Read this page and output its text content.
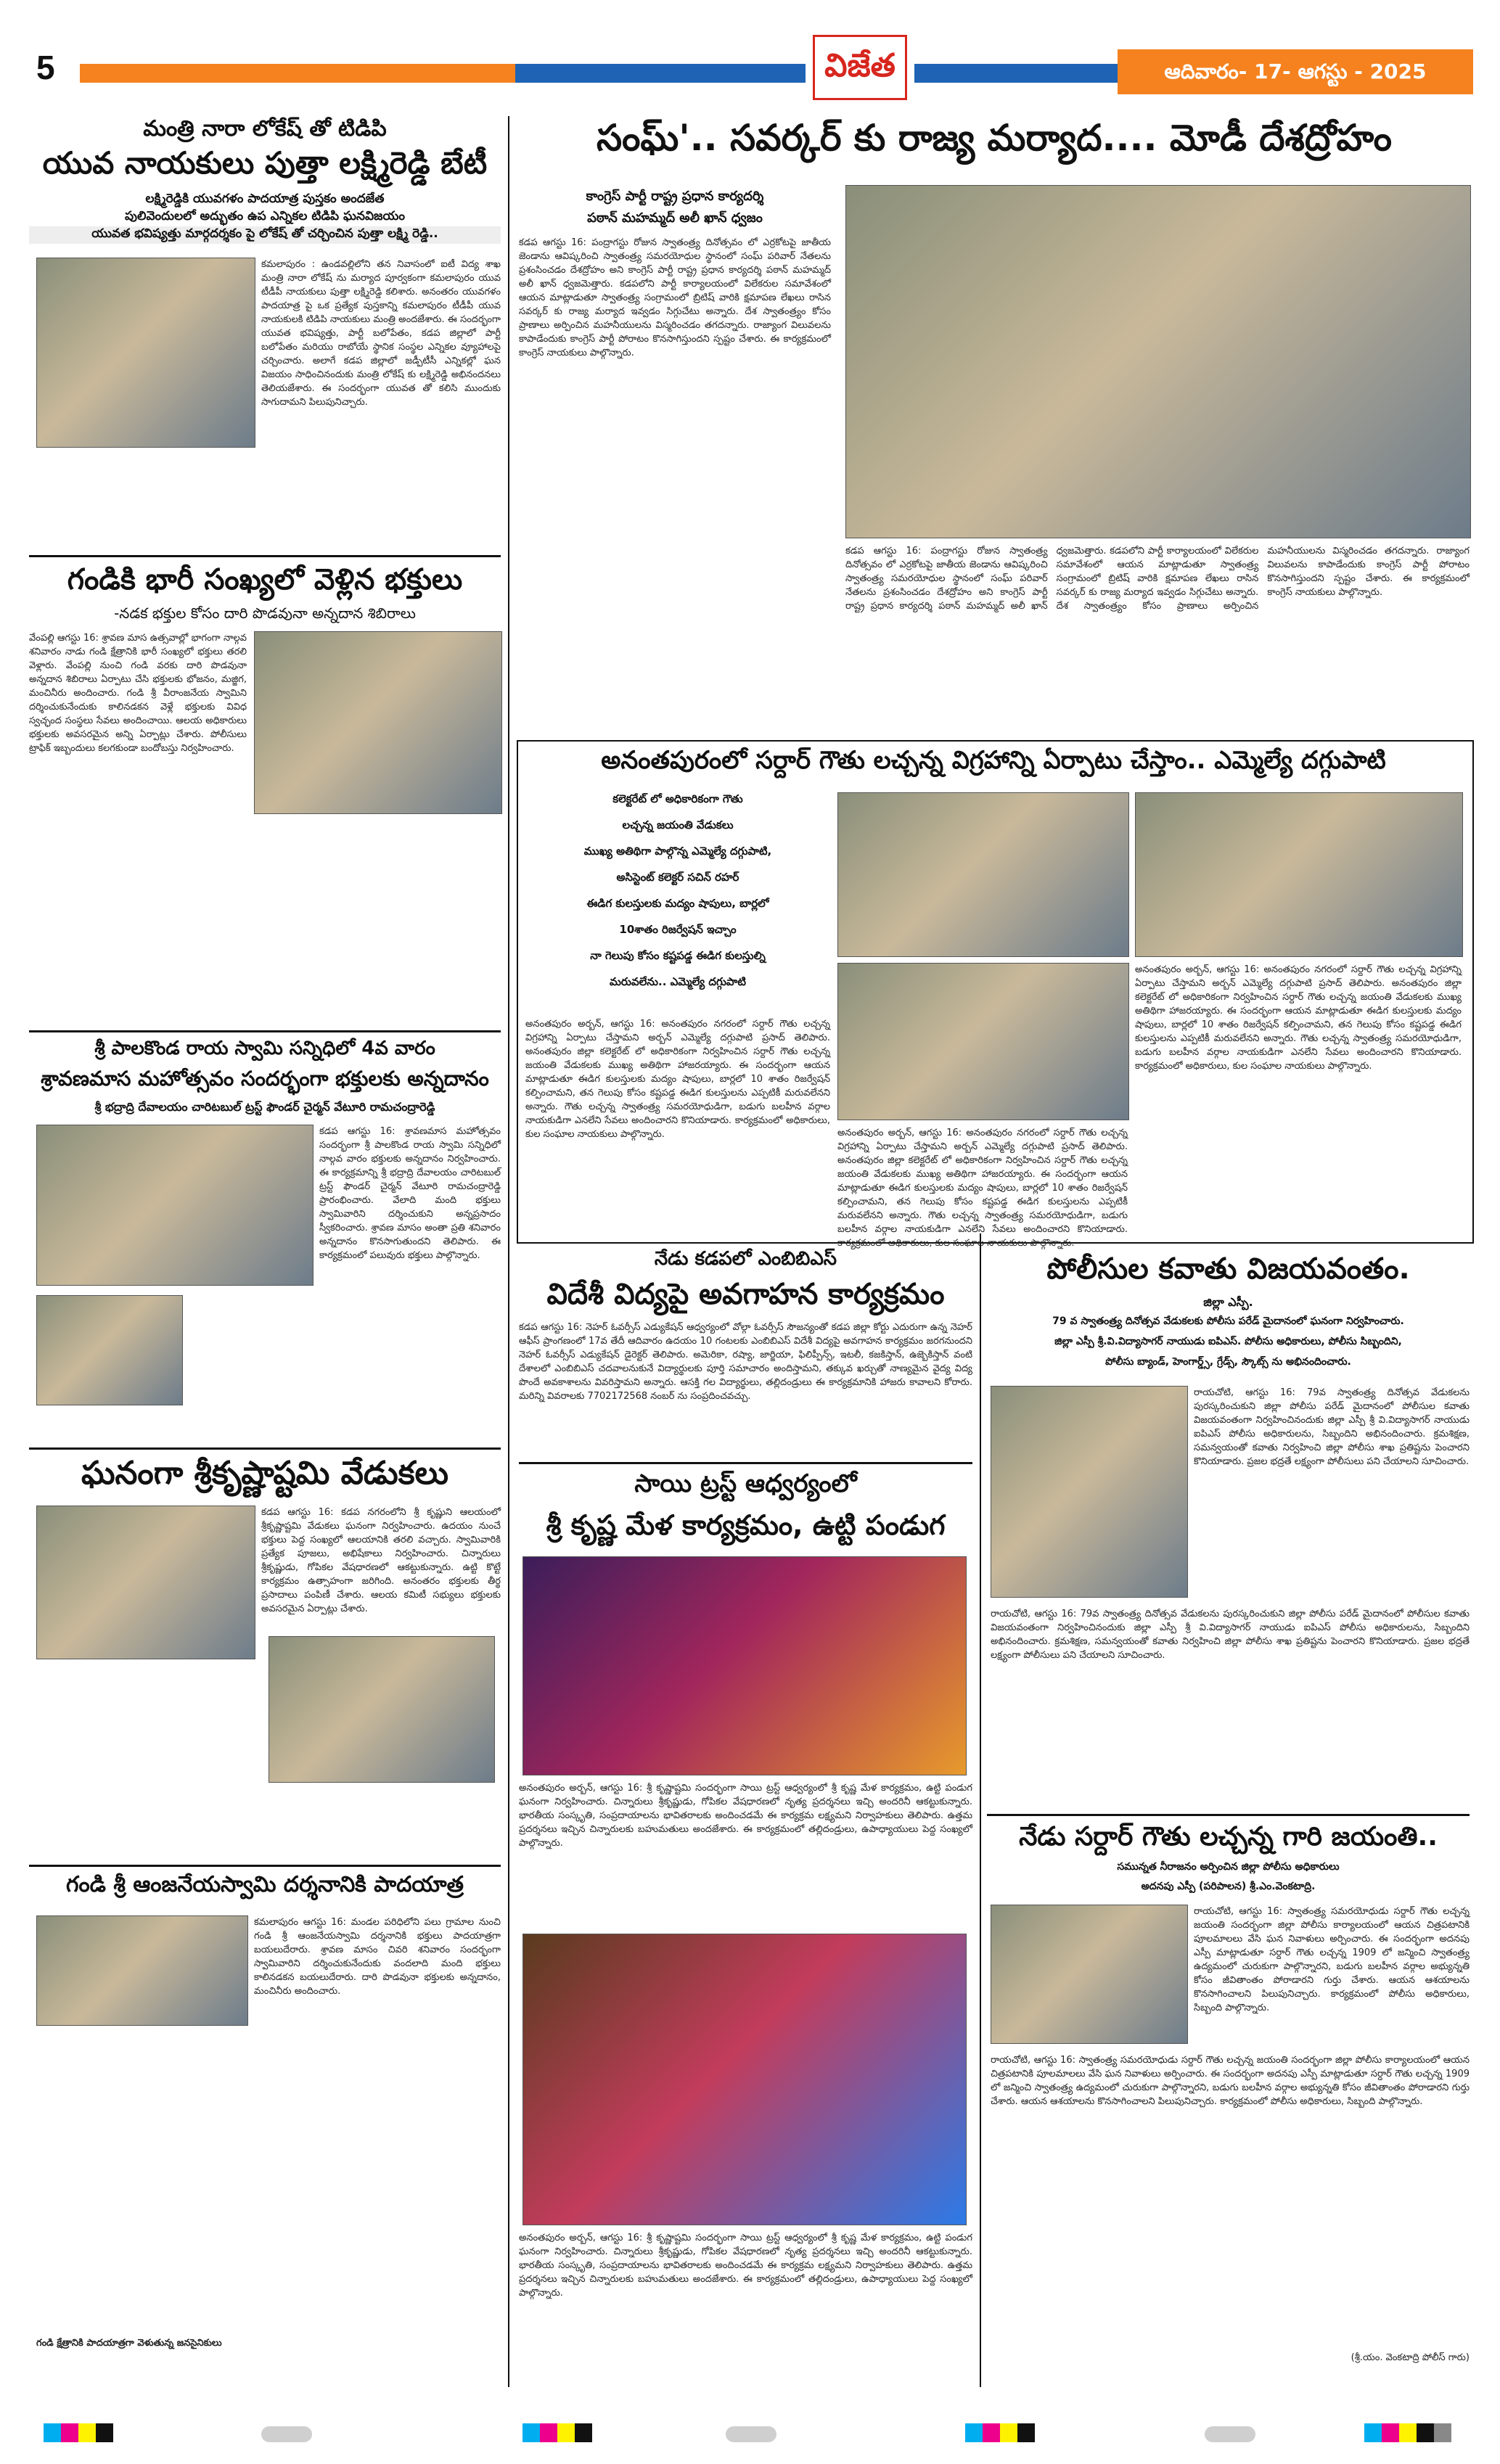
5	విజేత	ఆదివారం- 17- ఆగస్టు - 2025
మంత్రి నారా లోకేష్ తో టిడిపి
యువ నాయకులు పుత్తా లక్ష్మిరెడ్డి బేటీ
లక్ష్మిరెడ్డికి యువగళం పాదయాత్ర పుస్తకం అందజేత
పులివెందులలో అద్భుతం ఉప ఎన్నికల టిడిపి ఘనవిజయం
యువత భవిష్యత్తు మార్గదర్శకం పై లోకేష్ తో చర్చించిన పుత్తా లక్ష్మి రెడ్డి..
కమలాపురం : ఉండవల్లిలోని తన నివాసంలో ఐటీ విద్య శాఖ మంత్రి నారా లోకేష్ ను మర్యాద పూర్వకంగా కమలాపురం యువ టీడీపీ నాయకులు పుత్తా లక్ష్మిరెడ్డి కలిశారు. అనంతరం యువగళం పాదయాత్ర పై ఒక ప్రత్యేక పుస్తకాన్ని కమలాపురం టీడీపీ యువ నాయకులకి టిడిపి నాయకులు మంత్రి అందజేశారు. ఈ సందర్భంగా యువత భవిష్యత్తు, పార్టీ బలోపేతం, కడప జిల్లాలో పార్టీ బలోపేతం మరియు రాబోయే స్థానిక సంస్థల ఎన్నికల వ్యూహాలపై చర్చించారు. అలాగే కడప జిల్లాలో జడ్పీటీసీ ఎన్నికల్లో ఘన విజయం సాధించినందుకు మంత్రి లోకేష్ కు లక్ష్మిరెడ్డి అభినందనలు తెలియజేశారు. ఈ సందర్భంగా యువత తో కలిసి ముందుకు సాగుదామని పిలుపునిచ్చారు.
గండికి భారీ సంఖ్యలో వెళ్లిన భక్తులు
-నడక భక్తుల కోసం దారి పొడవునా అన్నదాన శిబిరాలు
వేంపల్లి ఆగస్టు 16: శ్రావణ మాస ఉత్సవాల్లో భాగంగా నాల్గవ శనివారం నాడు గండి క్షేత్రానికి భారీ సంఖ్యలో భక్తులు తరలి వెళ్లారు. వేంపల్లి నుంచి గండి వరకు దారి పొడవునా అన్నదాన శిబిరాలు ఏర్పాటు చేసి భక్తులకు భోజనం, మజ్జిగ, మంచినీరు అందించారు. గండి శ్రీ వీరాంజనేయ స్వామిని దర్శించుకునేందుకు కాలినడకన వెళ్లే భక్తులకు వివిధ స్వచ్ఛంద సంస్థలు సేవలు అందించాయి. ఆలయ అధికారులు భక్తులకు అవసరమైన అన్ని ఏర్పాట్లు చేశారు. పోలీసులు ట్రాఫిక్ ఇబ్బందులు కలగకుండా బందోబస్తు నిర్వహించారు.
శ్రీ పాలకొండ రాయ స్వామి సన్నిధిలో 4వ వారం
శ్రావణమాస మహోత్సవం సందర్భంగా భక్తులకు అన్నదానం
శ్రీ భద్రాద్రి దేవాలయం చారిటబుల్ ట్రస్ట్ ఫౌండర్ చైర్మన్ వేటూరి రామచంద్రారెడ్డి
కడప ఆగస్టు 16: శ్రావణమాస మహోత్సవం సందర్భంగా శ్రీ పాలకొండ రాయ స్వామి సన్నిధిలో నాల్గవ వారం భక్తులకు అన్నదానం నిర్వహించారు. ఈ కార్యక్రమాన్ని శ్రీ భద్రాద్రి దేవాలయం చారిటబుల్ ట్రస్ట్ ఫౌండర్ చైర్మన్ వేటూరి రామచంద్రారెడ్డి ప్రారంభించారు. వేలాది మంది భక్తులు స్వామివారిని దర్శించుకుని అన్నప్రసాదం స్వీకరించారు. శ్రావణ మాసం అంతా ప్రతి శనివారం అన్నదానం కొనసాగుతుందని తెలిపారు. ఈ కార్యక్రమంలో పలువురు భక్తులు పాల్గొన్నారు.
ఘనంగా శ్రీకృష్ణాష్టమి వేడుకలు
కడప ఆగస్టు 16: కడప నగరంలోని శ్రీ కృష్ణుని ఆలయంలో శ్రీకృష్ణాష్టమి వేడుకలు ఘనంగా నిర్వహించారు. ఉదయం నుంచే భక్తులు పెద్ద సంఖ్యలో ఆలయానికి తరలి వచ్చారు. స్వామివారికి ప్రత్యేక పూజలు, అభిషేకాలు నిర్వహించారు. చిన్నారులు శ్రీకృష్ణుడు, గోపికల వేషధారణలో ఆకట్టుకున్నారు. ఉట్టి కొట్టే కార్యక్రమం ఉత్సాహంగా జరిగింది. అనంతరం భక్తులకు తీర్థ ప్రసాదాలు పంపిణీ చేశారు. ఆలయ కమిటీ సభ్యులు భక్తులకు అవసరమైన ఏర్పాట్లు చేశారు.
గండి శ్రీ ఆంజనేయస్వామి దర్శనానికి పాదయాత్ర
కమలాపురం ఆగస్టు 16: మండల పరిధిలోని పలు గ్రామాల నుంచి గండి శ్రీ ఆంజనేయస్వామి దర్శనానికి భక్తులు పాదయాత్రగా బయలుదేరారు. శ్రావణ మాసం చివరి శనివారం సందర్భంగా స్వామివారిని దర్శించుకునేందుకు వందలాది మంది భక్తులు కాలినడకన బయలుదేరారు. దారి పొడవునా భక్తులకు అన్నదానం, మంచినీరు అందించారు.
గండి క్షేత్రానికి పాదయాత్రగా వెళుతున్న జనసైనికులు
సంఘ్'.. సవర్కర్ కు రాజ్య మర్యాద.... మోడీ దేశద్రోహం
కాంగ్రెస్ పార్టీ రాష్ట్ర ప్రధాన కార్యదర్శి
పఠాన్ మహమ్మద్ అలీ ఖాన్ ధ్వజం
కడప ఆగస్టు 16: పంద్రాగస్టు రోజున స్వాతంత్ర్య దినోత్సవం లో ఎర్రకోటపై జాతీయ జెండాను ఆవిష్కరించి స్వాతంత్ర్య సమరయోధుల స్థానంలో సంఘ్ పరివార్ నేతలను ప్రశంసించడం దేశద్రోహం అని కాంగ్రెస్ పార్టీ రాష్ట్ర ప్రధాన కార్యదర్శి పఠాన్ మహమ్మద్ అలీ ఖాన్ ధ్వజమెత్తారు. కడపలోని పార్టీ కార్యాలయంలో విలేకరుల సమావేశంలో ఆయన మాట్లాడుతూ స్వాతంత్ర్య సంగ్రామంలో బ్రిటిష్ వారికి క్షమాపణ లేఖలు రాసిన సవర్కర్ కు రాజ్య మర్యాద ఇవ్వడం సిగ్గుచేటు అన్నారు. దేశ స్వాతంత్ర్యం కోసం ప్రాణాలు అర్పించిన మహనీయులను విస్మరించడం తగదన్నారు. రాజ్యాంగ విలువలను కాపాడేందుకు కాంగ్రెస్ పార్టీ పోరాటం కొనసాగిస్తుందని స్పష్టం చేశారు. ఈ కార్యక్రమంలో కాంగ్రెస్ నాయకులు పాల్గొన్నారు.
కడప ఆగస్టు 16: పంద్రాగస్టు రోజున స్వాతంత్ర్య దినోత్సవం లో ఎర్రకోటపై జాతీయ జెండాను ఆవిష్కరించి స్వాతంత్ర్య సమరయోధుల స్థానంలో సంఘ్ పరివార్ నేతలను ప్రశంసించడం దేశద్రోహం అని కాంగ్రెస్ పార్టీ రాష్ట్ర ప్రధాన కార్యదర్శి పఠాన్ మహమ్మద్ అలీ ఖాన్ ధ్వజమెత్తారు. కడపలోని పార్టీ కార్యాలయంలో విలేకరుల సమావేశంలో ఆయన మాట్లాడుతూ స్వాతంత్ర్య సంగ్రామంలో బ్రిటిష్ వారికి క్షమాపణ లేఖలు రాసిన సవర్కర్ కు రాజ్య మర్యాద ఇవ్వడం సిగ్గుచేటు అన్నారు. దేశ స్వాతంత్ర్యం కోసం ప్రాణాలు అర్పించిన మహనీయులను విస్మరించడం తగదన్నారు. రాజ్యాంగ విలువలను కాపాడేందుకు కాంగ్రెస్ పార్టీ పోరాటం కొనసాగిస్తుందని స్పష్టం చేశారు. ఈ కార్యక్రమంలో కాంగ్రెస్ నాయకులు పాల్గొన్నారు.
అనంతపురంలో సర్దార్ గౌతు లచ్చన్న విగ్రహాన్ని ఏర్పాటు చేస్తాం.. ఎమ్మెల్యే దగ్గుపాటి
కలెక్టరేట్ లో అధికారికంగా గౌతు
లచ్చన్న జయంతి వేడుకలు
ముఖ్య అతిథిగా పాల్గొన్న ఎమ్మెల్యే దగ్గుపాటి,
అసిస్టెంట్ కలెక్టర్ సచిన్ రహర్
ఈడిగ కులస్తులకు మద్యం షాపులు, బార్లలో
10శాతం రిజర్వేషన్ ఇచ్చాం
నా గెలుపు కోసం కష్టపడ్డ ఈడిగ కులస్తుల్ని
మరువలేను.. ఎమ్మెల్యే దగ్గుపాటి
అనంతపురం అర్బన్, ఆగస్టు 16: అనంతపురం నగరంలో సర్దార్ గౌతు లచ్చన్న విగ్రహాన్ని ఏర్పాటు చేస్తామని అర్బన్ ఎమ్మెల్యే దగ్గుపాటి ప్రసాద్ తెలిపారు. అనంతపురం జిల్లా కలెక్టరేట్ లో అధికారికంగా నిర్వహించిన సర్దార్ గౌతు లచ్చన్న జయంతి వేడుకలకు ముఖ్య అతిథిగా హాజరయ్యారు. ఈ సందర్భంగా ఆయన మాట్లాడుతూ ఈడిగ కులస్తులకు మద్యం షాపులు, బార్లలో 10 శాతం రిజర్వేషన్ కల్పించామని, తన గెలుపు కోసం కష్టపడ్డ ఈడిగ కులస్తులను ఎప్పటికీ మరువలేనని అన్నారు. గౌతు లచ్చన్న స్వాతంత్ర్య సమరయోధుడిగా, బడుగు బలహీన వర్గాల నాయకుడిగా ఎనలేని సేవలు అందించారని కొనియాడారు. కార్యక్రమంలో అధికారులు, కుల సంఘాల నాయకులు పాల్గొన్నారు.	అనంతపురం అర్బన్, ఆగస్టు 16: అనంతపురం నగరంలో సర్దార్ గౌతు లచ్చన్న విగ్రహాన్ని ఏర్పాటు చేస్తామని అర్బన్ ఎమ్మెల్యే దగ్గుపాటి ప్రసాద్ తెలిపారు. అనంతపురం జిల్లా కలెక్టరేట్ లో అధికారికంగా నిర్వహించిన సర్దార్ గౌతు లచ్చన్న జయంతి వేడుకలకు ముఖ్య అతిథిగా హాజరయ్యారు. ఈ సందర్భంగా ఆయన మాట్లాడుతూ ఈడిగ కులస్తులకు మద్యం షాపులు, బార్లలో 10 శాతం రిజర్వేషన్ కల్పించామని, తన గెలుపు కోసం కష్టపడ్డ ఈడిగ కులస్తులను ఎప్పటికీ మరువలేనని అన్నారు. గౌతు లచ్చన్న స్వాతంత్ర్య సమరయోధుడిగా, బడుగు బలహీన వర్గాల నాయకుడిగా ఎనలేని సేవలు అందించారని కొనియాడారు. కార్యక్రమంలో అధికారులు, కుల సంఘాల నాయకులు పాల్గొన్నారు.
అనంతపురం అర్బన్, ఆగస్టు 16: అనంతపురం నగరంలో సర్దార్ గౌతు లచ్చన్న విగ్రహాన్ని ఏర్పాటు చేస్తామని అర్బన్ ఎమ్మెల్యే దగ్గుపాటి ప్రసాద్ తెలిపారు. అనంతపురం జిల్లా కలెక్టరేట్ లో అధికారికంగా నిర్వహించిన సర్దార్ గౌతు లచ్చన్న జయంతి వేడుకలకు ముఖ్య అతిథిగా హాజరయ్యారు. ఈ సందర్భంగా ఆయన మాట్లాడుతూ ఈడిగ కులస్తులకు మద్యం షాపులు, బార్లలో 10 శాతం రిజర్వేషన్ కల్పించామని, తన గెలుపు కోసం కష్టపడ్డ ఈడిగ కులస్తులను ఎప్పటికీ మరువలేనని అన్నారు. గౌతు లచ్చన్న స్వాతంత్ర్య సమరయోధుడిగా, బడుగు బలహీన వర్గాల నాయకుడిగా ఎనలేని సేవలు అందించారని కొనియాడారు. కార్యక్రమంలో అధికారులు, కుల సంఘాల నాయకులు పాల్గొన్నారు.
నేడు కడపలో ఎంబిబిఎస్
విదేశీ విద్యపై అవగాహన కార్యక్రమం
కడప ఆగస్టు 16: నెహర్ ఓవర్సీస్ ఎడ్యుకేషన్ ఆధ్వర్యంలో వోల్గా ఓవర్సీస్ సౌజన్యంతో కడప జిల్లా కోర్టు ఎదురుగా ఉన్న నెహర్ ఆఫీస్ ప్రాంగణంలో 17వ తేదీ ఆదివారం ఉదయం 10 గంటలకు ఎంబిబిఎస్ విదేశీ విద్యపై అవగాహన కార్యక్రమం జరగనుందని నెహర్ ఓవర్సీస్ ఎడ్యుకేషన్ డైరెక్టర్ తెలిపారు. అమెరికా, రష్యా, జార్జియా, ఫిలిప్పీన్స్, ఇటలీ, కజకిస్తాన్, ఉజ్బెకిస్తాన్ వంటి దేశాలలో ఎంబిబిఎస్ చదవాలనుకునే విద్యార్థులకు పూర్తి సమాచారం అందిస్తామని, తక్కువ ఖర్చుతో నాణ్యమైన వైద్య విద్య పొందే అవకాశాలను వివరిస్తామని అన్నారు. ఆసక్తి గల విద్యార్థులు, తల్లిదండ్రులు ఈ కార్యక్రమానికి హాజరు కావాలని కోరారు. మరిన్ని వివరాలకు 7702172568 నంబర్ ను సంప్రదించవచ్చు.
సాయి ట్రస్ట్ ఆధ్వర్యంలో
శ్రీ కృష్ణ మేళ కార్యక్రమం, ఉట్టి పండుగ
అనంతపురం అర్బన్, ఆగస్టు 16: శ్రీ కృష్ణాష్టమి సందర్భంగా సాయి ట్రస్ట్ ఆధ్వర్యంలో శ్రీ కృష్ణ మేళ కార్యక్రమం, ఉట్టి పండుగ ఘనంగా నిర్వహించారు. చిన్నారులు శ్రీకృష్ణుడు, గోపికల వేషధారణలో నృత్య ప్రదర్శనలు ఇచ్చి అందరినీ ఆకట్టుకున్నారు. భారతీయ సంస్కృతి, సంప్రదాయాలను భావితరాలకు అందించడమే ఈ కార్యక్రమ లక్ష్యమని నిర్వాహకులు తెలిపారు. ఉత్తమ ప్రదర్శనలు ఇచ్చిన చిన్నారులకు బహుమతులు అందజేశారు. ఈ కార్యక్రమంలో తల్లిదండ్రులు, ఉపాధ్యాయులు పెద్ద సంఖ్యలో పాల్గొన్నారు.
అనంతపురం అర్బన్, ఆగస్టు 16: శ్రీ కృష్ణాష్టమి సందర్భంగా సాయి ట్రస్ట్ ఆధ్వర్యంలో శ్రీ కృష్ణ మేళ కార్యక్రమం, ఉట్టి పండుగ ఘనంగా నిర్వహించారు. చిన్నారులు శ్రీకృష్ణుడు, గోపికల వేషధారణలో నృత్య ప్రదర్శనలు ఇచ్చి అందరినీ ఆకట్టుకున్నారు. భారతీయ సంస్కృతి, సంప్రదాయాలను భావితరాలకు అందించడమే ఈ కార్యక్రమ లక్ష్యమని నిర్వాహకులు తెలిపారు. ఉత్తమ ప్రదర్శనలు ఇచ్చిన చిన్నారులకు బహుమతులు అందజేశారు. ఈ కార్యక్రమంలో తల్లిదండ్రులు, ఉపాధ్యాయులు పెద్ద సంఖ్యలో పాల్గొన్నారు.
పోలీసుల కవాతు విజయవంతం.
జిల్లా ఎస్పీ.
79 వ స్వాతంత్ర్య దినోత్సవ వేడుకలకు పోలీసు పరేడ్ మైదానంలో ఘనంగా నిర్వహించారు.
జిల్లా ఎస్పీ శ్రీ.వి.విద్యాసాగర్ నాయుడు ఐపిఎస్. పోలీసు అధికారులు, పోలీసు సిబ్బందిని,
పోలీసు బ్యాండ్, హెంగార్డ్స్, గ్రేడ్స్, స్కౌట్స్ ను అభినందించారు.
రాయచోటి, ఆగస్టు 16: 79వ స్వాతంత్ర్య దినోత్సవ వేడుకలను పురస్కరించుకుని జిల్లా పోలీసు పరేడ్ మైదానంలో పోలీసుల కవాతు విజయవంతంగా నిర్వహించినందుకు జిల్లా ఎస్పీ శ్రీ వి.విద్యాసాగర్ నాయుడు ఐపిఎస్ పోలీసు అధికారులను, సిబ్బందిని అభినందించారు. క్రమశిక్షణ, సమన్వయంతో కవాతు నిర్వహించి జిల్లా పోలీసు శాఖ ప్రతిష్టను పెంచారని కొనియాడారు. ప్రజల భద్రతే లక్ష్యంగా పోలీసులు పని చేయాలని సూచించారు.
రాయచోటి, ఆగస్టు 16: 79వ స్వాతంత్ర్య దినోత్సవ వేడుకలను పురస్కరించుకుని జిల్లా పోలీసు పరేడ్ మైదానంలో పోలీసుల కవాతు విజయవంతంగా నిర్వహించినందుకు జిల్లా ఎస్పీ శ్రీ వి.విద్యాసాగర్ నాయుడు ఐపిఎస్ పోలీసు అధికారులను, సిబ్బందిని అభినందించారు. క్రమశిక్షణ, సమన్వయంతో కవాతు నిర్వహించి జిల్లా పోలీసు శాఖ ప్రతిష్టను పెంచారని కొనియాడారు. ప్రజల భద్రతే లక్ష్యంగా పోలీసులు పని చేయాలని సూచించారు.
నేడు సర్దార్ గౌతు లచ్చన్న గారి జయంతి..
సమున్నత నీరాజనం అర్పించిన జిల్లా పోలీసు అధికారులు
అదనపు ఎస్పీ (పరిపాలన) శ్రీ.ఎం.వెంకటాద్రి.
రాయచోటి, ఆగస్టు 16: స్వాతంత్ర్య సమరయోధుడు సర్దార్ గౌతు లచ్చన్న జయంతి సందర్భంగా జిల్లా పోలీసు కార్యాలయంలో ఆయన చిత్రపటానికి పూలమాలలు వేసి ఘన నివాళులు అర్పించారు. ఈ సందర్భంగా అదనపు ఎస్పీ మాట్లాడుతూ సర్దార్ గౌతు లచ్చన్న 1909 లో జన్మించి స్వాతంత్ర్య ఉద్యమంలో చురుకుగా పాల్గొన్నారని, బడుగు బలహీన వర్గాల అభ్యున్నతి కోసం జీవితాంతం పోరాడారని గుర్తు చేశారు. ఆయన ఆశయాలను కొనసాగించాలని పిలుపునిచ్చారు. కార్యక్రమంలో పోలీసు అధికారులు, సిబ్బంది పాల్గొన్నారు.
రాయచోటి, ఆగస్టు 16: స్వాతంత్ర్య సమరయోధుడు సర్దార్ గౌతు లచ్చన్న జయంతి సందర్భంగా జిల్లా పోలీసు కార్యాలయంలో ఆయన చిత్రపటానికి పూలమాలలు వేసి ఘన నివాళులు అర్పించారు. ఈ సందర్భంగా అదనపు ఎస్పీ మాట్లాడుతూ సర్దార్ గౌతు లచ్చన్న 1909 లో జన్మించి స్వాతంత్ర్య ఉద్యమంలో చురుకుగా పాల్గొన్నారని, బడుగు బలహీన వర్గాల అభ్యున్నతి కోసం జీవితాంతం పోరాడారని గుర్తు చేశారు. ఆయన ఆశయాలను కొనసాగించాలని పిలుపునిచ్చారు. కార్యక్రమంలో పోలీసు అధికారులు, సిబ్బంది పాల్గొన్నారు.
(శ్రీ.యం. వెంకటాద్రి పోలీస్ గారు)
